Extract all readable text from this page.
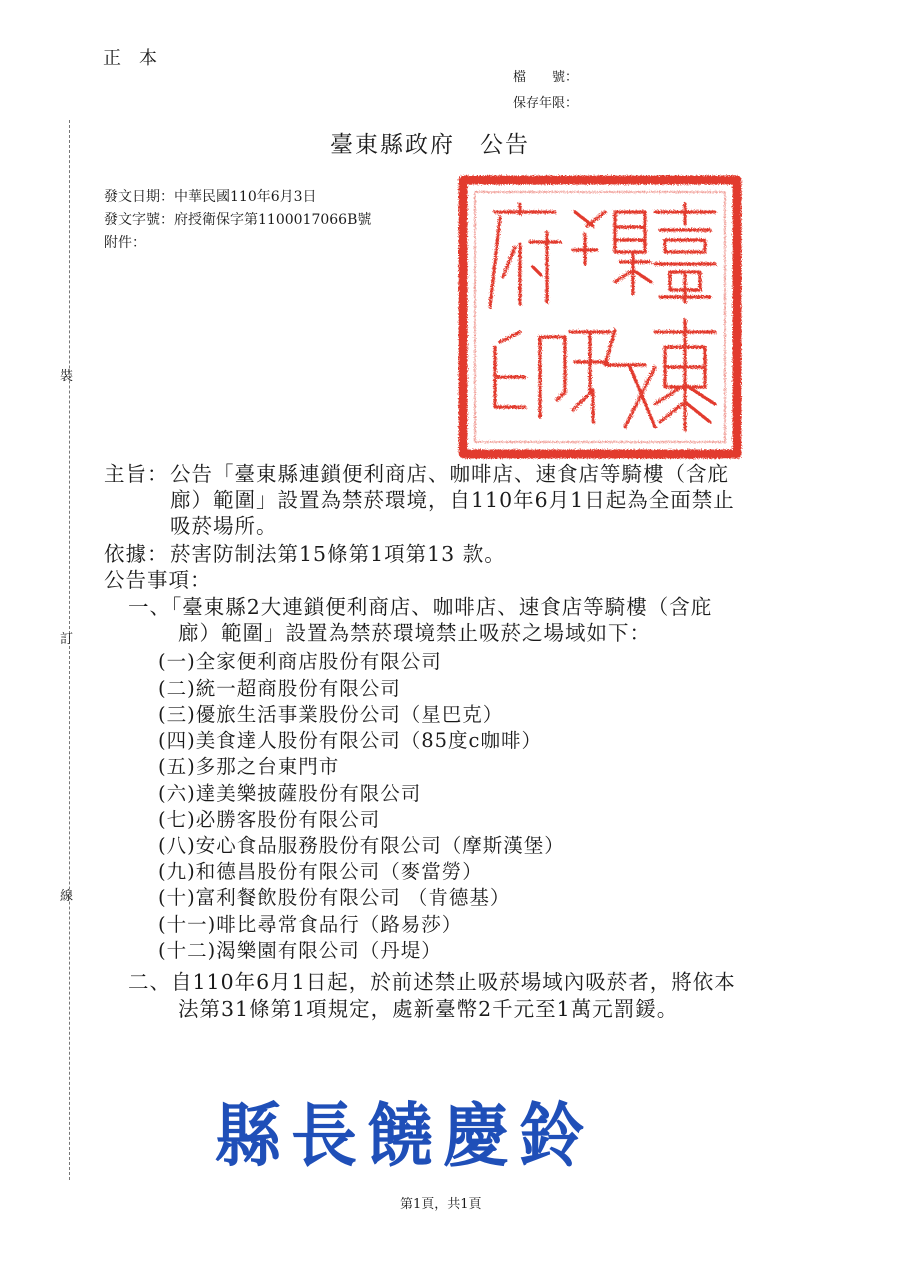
正　本
檔　　號：
保存年限：
臺東縣政府　公告
發文日期：中華民國110年6月3日
發文字號：府授衛保字第1100017066B號
附件：
裝
訂
線
主旨： 公告「臺東縣連鎖便利商店、咖啡店、速食店等騎樓（含庇
廊）範圍」設置為禁菸環境，自110年6月1日起為全面禁止
吸菸場所。
依據： 菸害防制法第15條第1項第13 款。
公告事項：
一、「臺東縣2大連鎖便利商店、咖啡店、速食店等騎樓（含庇
廊）範圍」設置為禁菸環境禁止吸菸之場域如下：
(一)全家便利商店股份有限公司
(二)統一超商股份有限公司
(三)優旅生活事業股份公司（星巴克）
(四)美食達人股份有限公司（85度c咖啡）
(五)多那之台東門市
(六)達美樂披薩股份有限公司
(七)必勝客股份有限公司
(八)安心食品服務股份有限公司（摩斯漢堡）
(九)和德昌股份有限公司（麥當勞）
(十)富利餐飲股份有限公司 （肯德基）
(十一)啡比尋常食品行（路易莎）
(十二)渴樂園有限公司（丹堤）
二、自110年6月1日起，於前述禁止吸菸場域內吸菸者，將依本
法第31條第1項規定，處新臺幣2千元至1萬元罰鍰。
縣長饒慶鈴
第1頁，共1頁
